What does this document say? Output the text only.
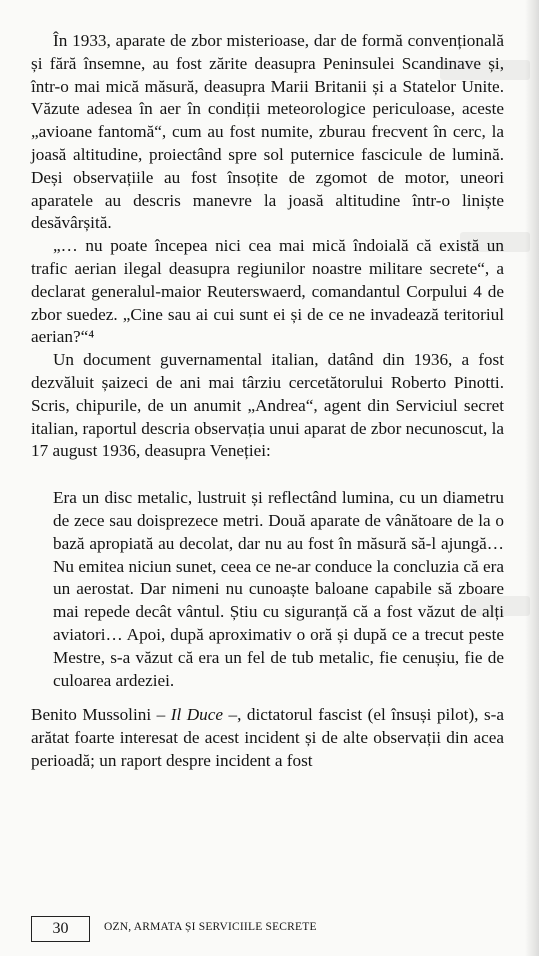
În 1933, aparate de zbor misterioase, dar de formă convențională și fără însemne, au fost zărite deasupra Peninsulei Scandinave și, într-o mai mică măsură, deasupra Marii Britanii și a Statelor Unite. Văzute adesea în aer în condiții meteorologice periculoase, aceste „avioane fantomă“, cum au fost numite, zburau frecvent în cerc, la joasă altitudine, proiectând spre sol puternice fascicule de lumină. Deși observațiile au fost însoțite de zgomot de motor, uneori aparatele au descris manevre la joasă altitudine într-o liniște desăvârșită.

„… nu poate începea nici cea mai mică îndoială că există un trafic aerian ilegal deasupra regiunilor noastre militare secrete“, a declarat generalul-maior Reuterswaerd, comandantul Corpului 4 de zbor suedez. „Cine sau ai cui sunt ei și de ce ne invadează teritoriul aerian?“⁴

Un document guvernamental italian, datând din 1936, a fost dezvăluit șaizeci de ani mai târziu cercetătorului Roberto Pinotti. Scris, chipurile, de un anumit „Andrea“, agent din Serviciul secret italian, raportul descria observația unui aparat de zbor necunoscut, la 17 august 1936, deasupra Veneției:

Era un disc metalic, lustruit și reflectând lumina, cu un diametru de zece sau doisprezece metri. Două aparate de vânătoare de la o bază apropiată au decolat, dar nu au fost în măsură să-l ajungă… Nu emitea niciun sunet, ceea ce ne-ar conduce la concluzia că era un aerostat. Dar nimeni nu cunoaște baloane capabile să zboare mai repede decât vântul. Știu cu siguranță că a fost văzut de alți aviatori… Apoi, după aproximativ o oră și după ce a trecut peste Mestre, s-a văzut că era un fel de tub metalic, fie cenușiu, fie de culoarea ardeziei.

Benito Mussolini – Il Duce –, dictatorul fascist (el însuși pilot), s-a arătat foarte interesat de acest incident și de alte observații din acea perioadă; un raport despre incident a fost

30	OZN, ARMATA ȘI SERVICIILE SECRETE
